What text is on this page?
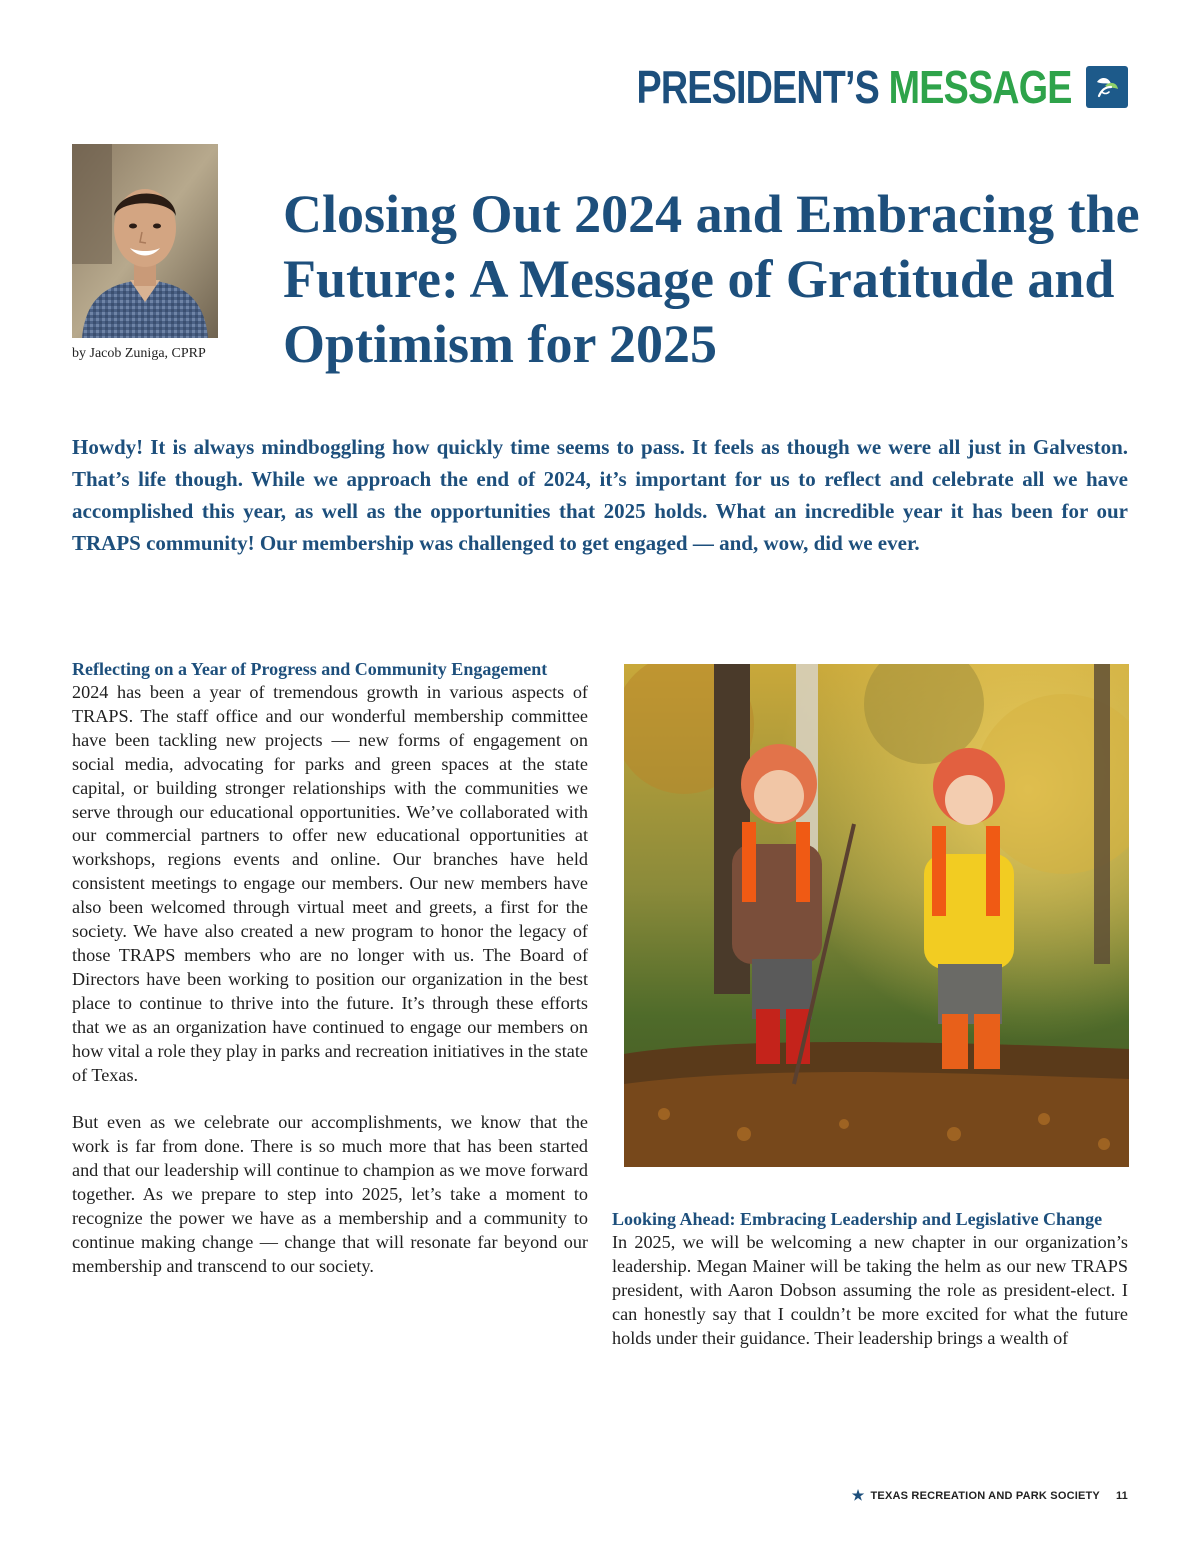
PRESIDENT’S MESSAGE
by Jacob Zuniga, CPRP
Closing Out 2024 and Embracing the Future: A Message of Gratitude and Optimism for 2025

Howdy! It is always mindboggling how quickly time seems to pass. It feels as though we were all just in Galveston. That’s life though. While we approach the end of 2024, it’s important for us to reflect and celebrate all we have accomplished this year, as well as the opportunities that 2025 holds. What an incredible year it has been for our TRAPS community! Our membership was challenged to get engaged — and, wow, did we ever.

Reflecting on a Year of Progress and Community Engagement

2024 has been a year of tremendous growth in various aspects of TRAPS. The staff office and our wonderful membership committee have been tackling new projects — new forms of engagement on social media, advocating for parks and green spaces at the state capital, or building stronger relationships with the communities we serve through our educational opportunities. We’ve collaborated with our commercial partners to offer new educational opportunities at workshops, regions events and online. Our branches have held consistent meetings to engage our members. Our new members have also been welcomed through virtual meet and greets, a first for the society. We have also created a new program to honor the legacy of those TRAPS members who are no longer with us. The Board of Directors have been working to position our organization in the best place to continue to thrive into the future. It’s through these efforts that we as an organization have continued to engage our members on how vital a role they play in parks and recreation initiatives in the state of Texas.

But even as we celebrate our accomplishments, we know that the work is far from done. There is so much more that has been started and that our leadership will continue to champion as we move forward together. As we prepare to step into 2025, let’s take a moment to recognize the power we have as a membership and a community to continue making change — change that will resonate far beyond our membership and transcend to our society.

Looking Ahead: Embracing Leadership and Legislative Change

In 2025, we will be welcoming a new chapter in our organization’s leadership. Megan Mainer will be taking the helm as our new TRAPS president, with Aaron Dobson assuming the role as president-elect. I can honestly say that I couldn’t be more excited for what the future holds under their guidance. Their leadership brings a wealth of

★ TEXAS RECREATION AND PARK SOCIETY 11
